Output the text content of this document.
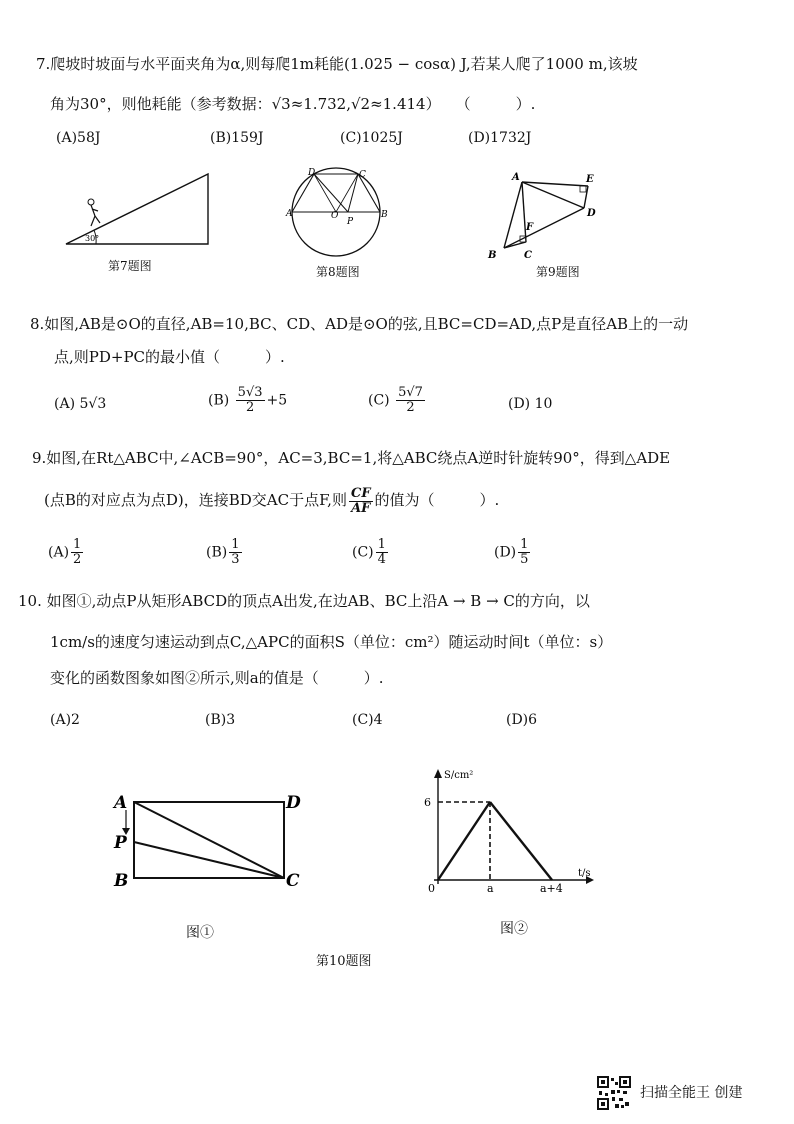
7.爬坡时坡面与水平面夹角为α,则每爬1m耗能(1.025 − cosα) J,若某人爬了1000 m,该坡
角为30°，则他耗能（参考数据：√3≈1.732,√2≈1.414）　　（　　　）.
(A)58J	(B)159J	(C)1025J	(D)1732J
30°
第7题图
D	C
A	O
P
B
第8题图
A	E
D
F
B	C
第9题图
8.如图,AB是⊙O的直径,AB=10,BC、CD、AD是⊙O的弦,且BC=CD=AD,点P是直径AB上的一动
点,则PD+PC的最小值（　　　）.
(A) 5√3	$(B) \frac{5√3}{2} +5$	$(C) \frac{5√7}{2}$	(D) 10
9.如图,在Rt△ABC中,∠ACB=90°，AC=3,BC=1,将△ABC绕点A逆时针旋转90°，得到△ADE
(点B的对应点为点D)，连接BD交AC于点F,则 $\frac{CF}{AF}$ 的值为（　　　）.
$(A) \frac{1}{2}$	$(B) \frac{1}{3}$	$(C) \frac{1}{4}$	$(D) \frac{1}{5}$
10. 如图①,动点P从矩形ABCD的顶点A出发,在边AB、BC上沿A → B → C的方向，以
1cm/s的速度匀速运动到点C,△APC的面积S（单位：cm²）随运动时间t（单位：s）
变化的函数图象如图②所示,则a的值是（　　　）.
(A)2	(B)3	(C)4	(D)6
A	D
P
B	C
图①
S/cm²
t/s
6
0	a	a+4
图②
第10题图
扫描全能王 创建
